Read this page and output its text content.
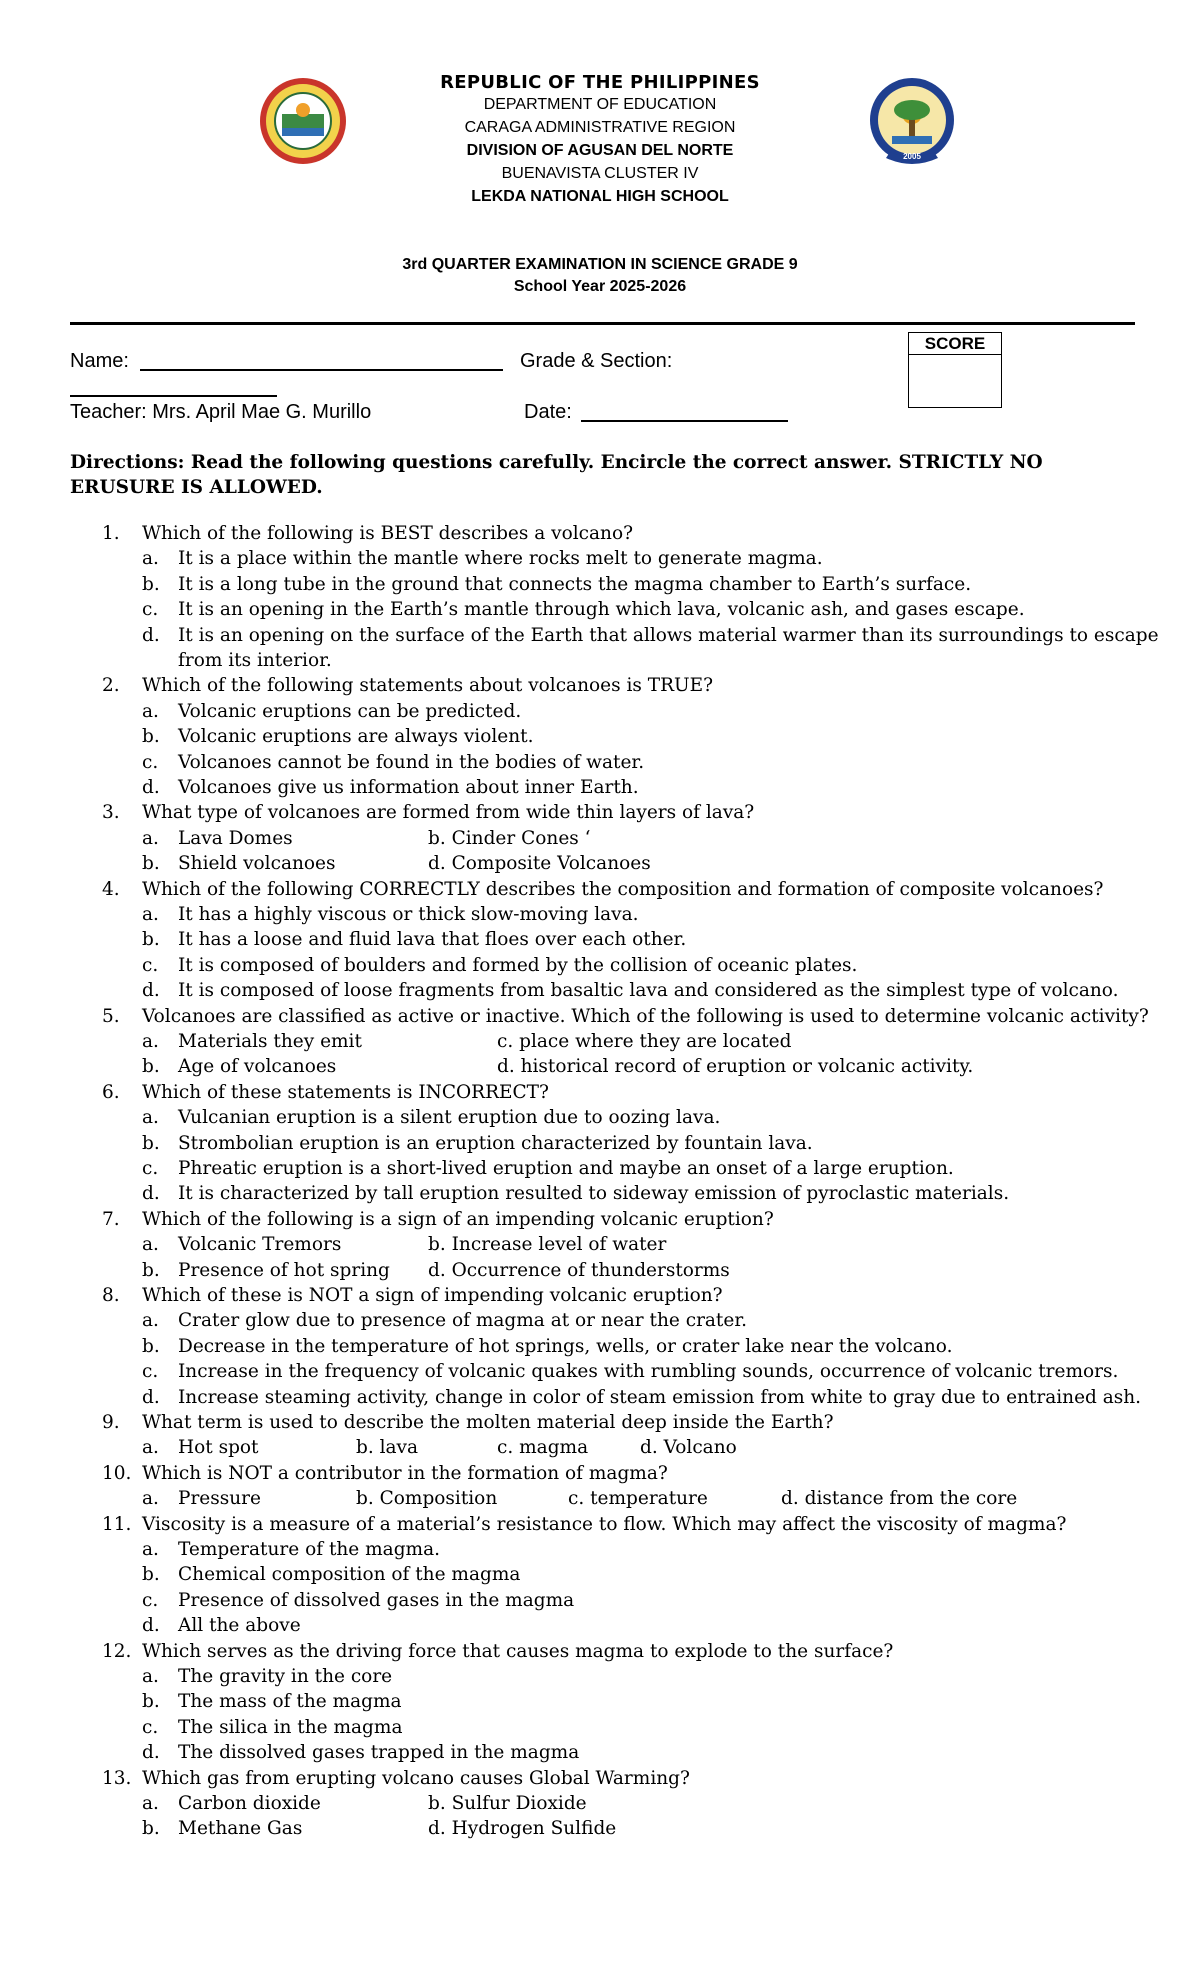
2005
REPUBLIC OF THE PHILIPPINES
DEPARTMENT OF EDUCATION
CARAGA ADMINISTRATIVE REGION
DIVISION OF AGUSAN DEL NORTE
BUENAVISTA CLUSTER IV
LEKDA NATIONAL HIGH SCHOOL
3rd QUARTER EXAMINATION IN SCIENCE GRADE 9
School Year 2025-2026
Name:	Grade & Section:
Teacher: Mrs. April Mae G. Murillo	Date:
SCORE
Directions: Read the following questions carefully. Encircle the correct answer. STRICTLY NO ERUSURE IS ALLOWED.
1. Which of the following is BEST describes a volcano?
a. It is a place within the mantle where rocks melt to generate magma.
b. It is a long tube in the ground that connects the magma chamber to Earth’s surface.
c. It is an opening in the Earth’s mantle through which lava, volcanic ash, and gases escape.
d. It is an opening on the surface of the Earth that allows material warmer than its surroundings to escape
from its interior.
2. Which of the following statements about volcanoes is TRUE?
a. Volcanic eruptions can be predicted.
b. Volcanic eruptions are always violent.
c. Volcanoes cannot be found in the bodies of water.
d. Volcanoes give us information about inner Earth.
3. What type of volcanoes are formed from wide thin layers of lava?
a. Lava Domes	b. Cinder Cones ‘
b. Shield volcanoes	d. Composite Volcanoes
4. Which of the following CORRECTLY describes the composition and formation of composite volcanoes?
a. It has a highly viscous or thick slow-moving lava.
b. It has a loose and fluid lava that floes over each other.
c. It is composed of boulders and formed by the collision of oceanic plates.
d. It is composed of loose fragments from basaltic lava and considered as the simplest type of volcano.
5. Volcanoes are classified as active or inactive. Which of the following is used to determine volcanic activity?
a. Materials they emit	c. place where they are located
b. Age of volcanoes	d. historical record of eruption or volcanic activity.
6. Which of these statements is INCORRECT?
a. Vulcanian eruption is a silent eruption due to oozing lava.
b. Strombolian eruption is an eruption characterized by fountain lava.
c. Phreatic eruption is a short-lived eruption and maybe an onset of a large eruption.
d. It is characterized by tall eruption resulted to sideway emission of pyroclastic materials.
7. Which of the following is a sign of an impending volcanic eruption?
a. Volcanic Tremors	b. Increase level of water
b. Presence of hot spring d. Occurrence of thunderstorms
8. Which of these is NOT a sign of impending volcanic eruption?
a. Crater glow due to presence of magma at or near the crater.
b. Decrease in the temperature of hot springs, wells, or crater lake near the volcano.
c. Increase in the frequency of volcanic quakes with rumbling sounds, occurrence of volcanic tremors.
d. Increase steaming activity, change in color of steam emission from white to gray due to entrained ash.
9. What term is used to describe the molten material deep inside the Earth?
a. Hot spot	b. lava	c. magma	d. Volcano
10. Which is NOT a contributor in the formation of magma?
a. Pressure	b. Composition	c. temperature	d. distance from the core
11. Viscosity is a measure of a material’s resistance to flow. Which may affect the viscosity of magma?
a. Temperature of the magma.
b. Chemical composition of the magma
c. Presence of dissolved gases in the magma
d. All the above
12. Which serves as the driving force that causes magma to explode to the surface?
a. The gravity in the core
b. The mass of the magma
c. The silica in the magma
d. The dissolved gases trapped in the magma
13. Which gas from erupting volcano causes Global Warming?
a. Carbon dioxide	b. Sulfur Dioxide
b. Methane Gas	d. Hydrogen Sulfide
